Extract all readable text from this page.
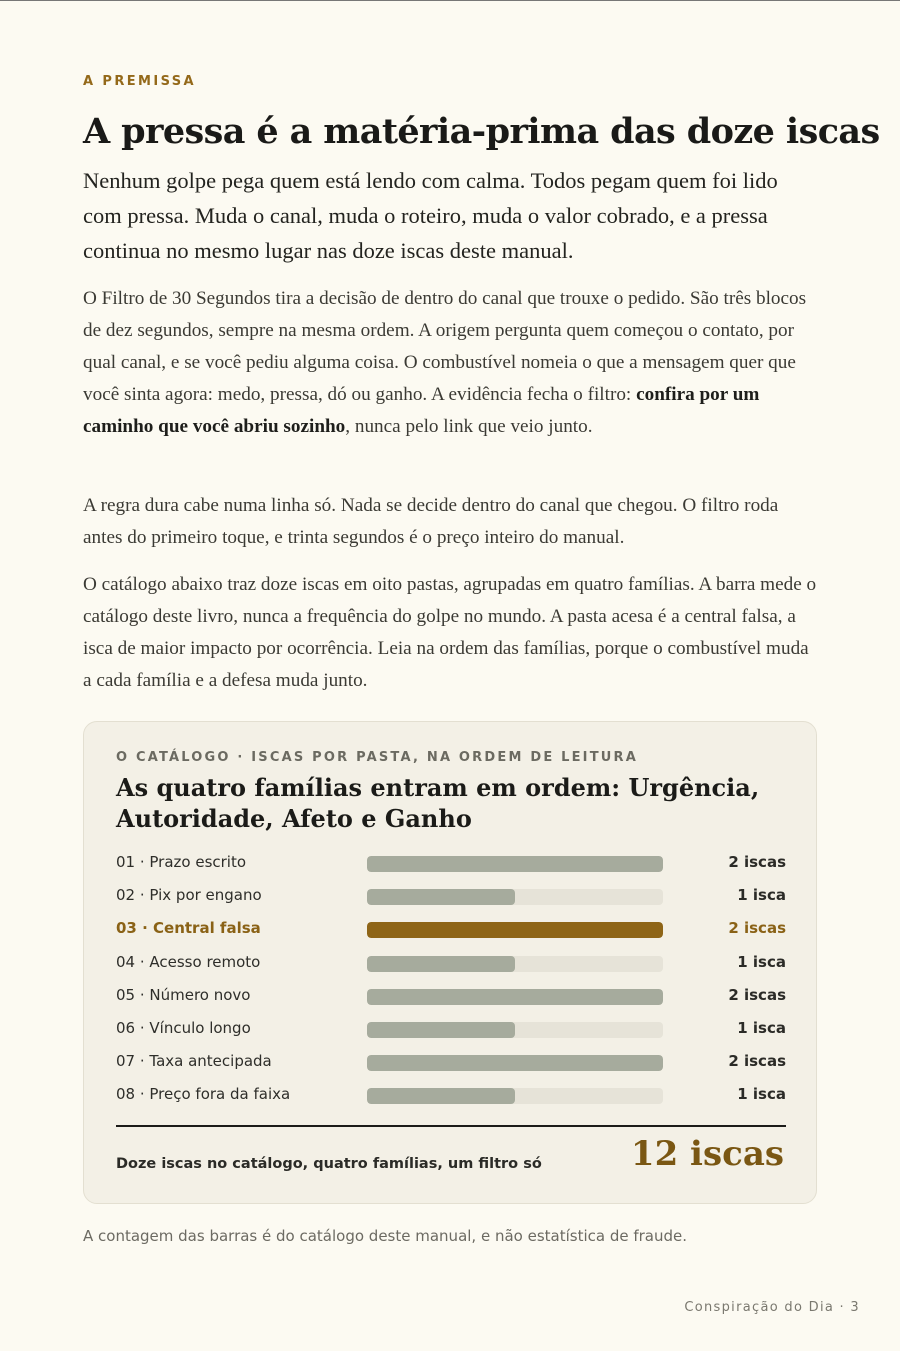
A PREMISSA
A pressa é a matéria-prima das doze iscas

Nenhum golpe pega quem está lendo com calma. Todos pegam quem foi lido com pressa. Muda o canal, muda o roteiro, muda o valor cobrado, e a pressa continua no mesmo lugar nas doze iscas deste manual.

O Filtro de 30 Segundos tira a decisão de dentro do canal que trouxe o pedido. São três blocos de dez segundos, sempre na mesma ordem. A origem pergunta quem começou o contato, por qual canal, e se você pediu alguma coisa. O combustível nomeia o que a mensagem quer que você sinta agora: medo, pressa, dó ou ganho. A evidência fecha o filtro: confira por um caminho que você abriu sozinho, nunca pelo link que veio junto.

A regra dura cabe numa linha só. Nada se decide dentro do canal que chegou. O filtro roda antes do primeiro toque, e trinta segundos é o preço inteiro do manual.

O catálogo abaixo traz doze iscas em oito pastas, agrupadas em quatro famílias. A barra mede o catálogo deste livro, nunca a frequência do golpe no mundo. A pasta acesa é a central falsa, a isca de maior impacto por ocorrência. Leia na ordem das famílias, porque o combustível muda a cada família e a defesa muda junto.

O CATÁLOGO · ISCAS POR PASTA, NA ORDEM DE LEITURA
As quatro famílias entram em ordem: Urgência, Autoridade, Afeto e Ganho
01 · Prazo escrito	2 iscas
02 · Pix por engano	1 isca
03 · Central falsa	2 iscas
04 · Acesso remoto	1 isca
05 · Número novo	2 iscas
06 · Vínculo longo	1 isca
07 · Taxa antecipada	2 iscas
08 · Preço fora da faixa	1 isca
Doze iscas no catálogo, quatro famílias, um filtro só	12 iscas
A contagem das barras é do catálogo deste manual, e não estatística de fraude.
Conspiração do Dia · 3
